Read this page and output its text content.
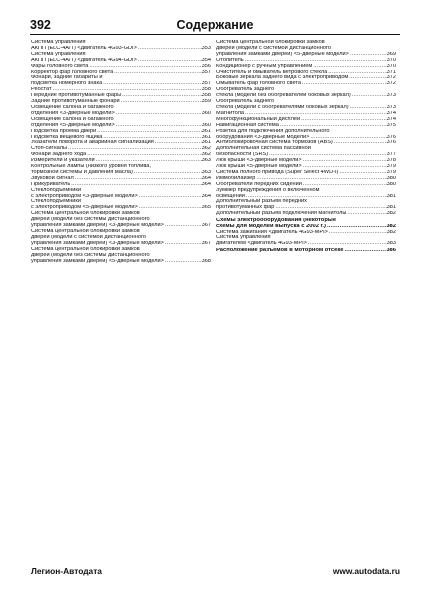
392	Содержание
Система управления
АКПП (ELC-4A/T) <двигатель 4G93-GDI> .....	353
Система управления
АКПП (ELC-4A/T) <двигатель 4G94-GDI> .....	354
Фары головного света .....	356
Корректор фар головного света .....	357
Фонари, задние габариты и
подсветка номерного знака .....	357
Реостат .....	358
Передние противотуманные фары .....	358
Задние противотуманные фонари .....	359
Освещение салона и багажного
отделения <3-дверные модели> .....	360
Освещение салона и багажного
отделения <5-дверные модели> .....	360
Подсветка проема двери .....	361
Подсветка вещевого ящика .....	361
Указатели поворота и аварийная сигнализация .....	361
Стоп-сигналы .....	362
Фонари заднего хода .....	362
Измерители и указатели .....	363
Контрольные лампы (низкого уровня топлива,
тормозной системы и давления масла) .....	363
Звуковой сигнал .....	364
Прикуриватель .....	364
Стеклоподъемники
с электроприводом <3-дверные модели> .....	364
Стеклоподъемники
с электроприводом <5-дверные модели> .....	365
Система центральной блокировки замков
дверей (модели без системы дистанционного
управления замками дверей) <3-дверные модели> .....	367
Система центральной блокировки замков
дверей (модели с системой дистанционного
управления замками дверей) <3-дверные модели> .....	367
Система центральной блокировки замков
дверей (модели без системы дистанционного
управления замками дверей) <5-дверные модели> .....	368
Система центральной блокировки замков
дверей (модели с системой дистанционного
управления замками дверей) <5-дверные модели> .....	369
Отопитель .....	370
Кондиционер с ручным управлением .....	370
Очиститель и омыватель ветрового стекла .....	371
Боковые зеркала заднего вида с электроприводом .....	372
Омыватель фар головного света .....	372
Обогреватель заднего
стекла (модели без обогревателей боковых зеркал) .....	373
Обогреватель заднего
стекла (модели с обогревателями боковых зеркал) .....	373
Магнитола .....	374
Многофункциональный дисплей .....	374
Навигационная система .....	375
Розетка для подключения дополнительного
оборудования <3-дверные модели> .....	376
Антиблокировочная система тормозов (ABS) .....	376
Дополнительная система пассивной
безопасности (SRS) .....	377
Люк крыши <3-дверные модели> .....	378
Люк крыши <5-дверные модели> .....	379
Система полного привода (Super Select 4WD-I) .....	379
Иммобилайзер .....	380
Обогреватели передних сидений .....	380
Зуммер предупреждения о включенном
освещении .....	381
Дополнительный разъем передних
противотуманных фар .....	381
Дополнительный разъем подключения магнитолы .....	382
Схемы электрооборудования (некоторые
схемы для моделей выпуска с 2002 г.) .....	382
Система зажигания <двигатель 4G93-MPI> .....	382
Система управления
двигателем <двигатель 4G93-MPI> .....	383
Расположение разъемов в моторном отсеке .....	386
Легион-Автодата	www.autodata.ru
